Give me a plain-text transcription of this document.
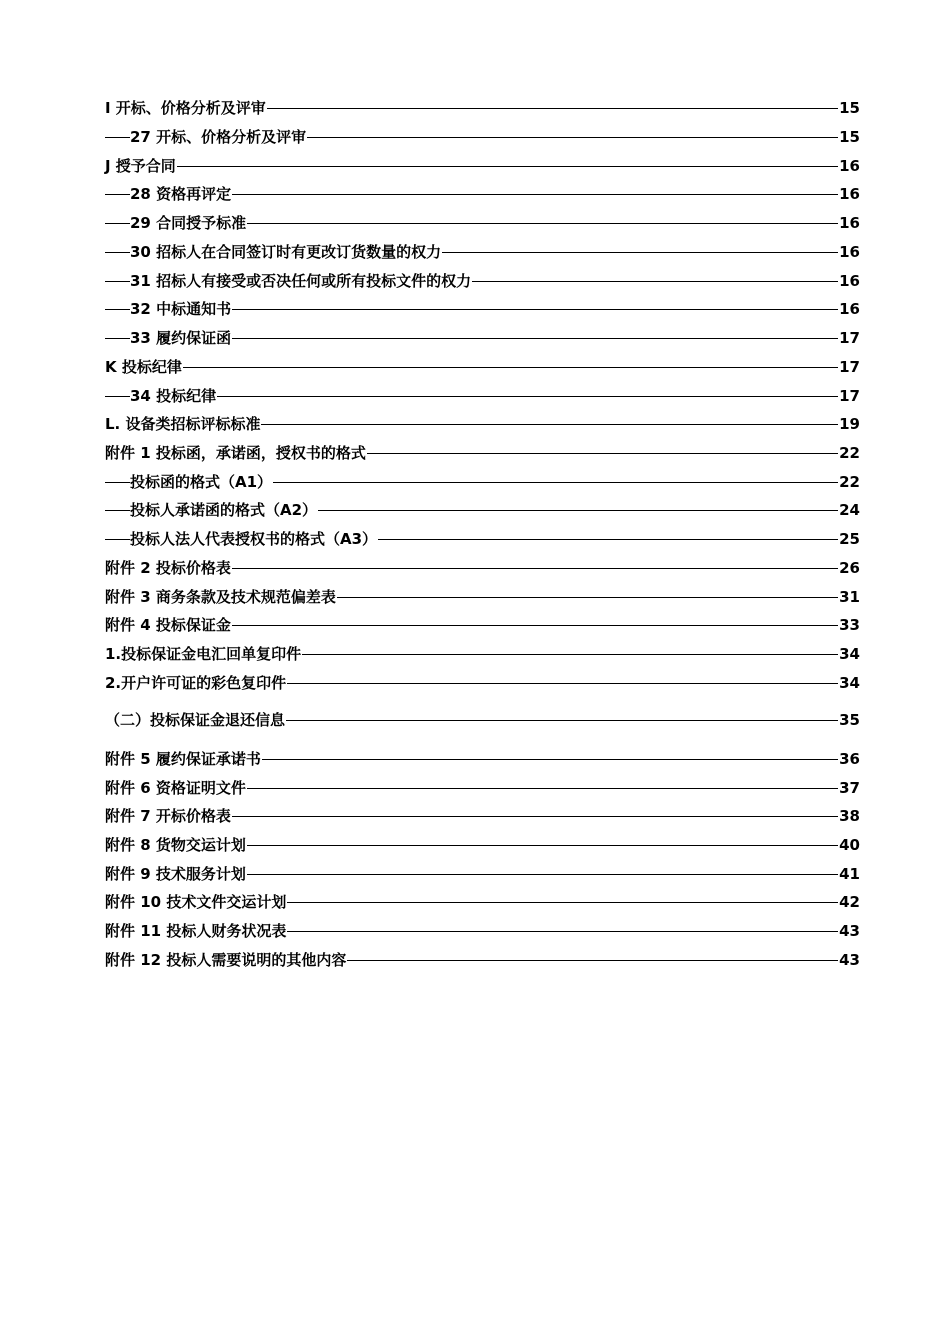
I 开标、价格分析及评审	15
27 开标、价格分析及评审	15
J 授予合同	16
28 资格再评定	16
29 合同授予标准	16
30 招标人在合同签订时有更改订货数量的权力	16
31 招标人有接受或否决任何或所有投标文件的权力	16
32 中标通知书	16
33 履约保证函	17
K 投标纪律	17
34 投标纪律	17
L. 设备类招标评标标准	19
附件 1 投标函，承诺函，授权书的格式	22
投标函的格式（A1）	22
投标人承诺函的格式（A2）	24
投标人法人代表授权书的格式（A3）	25
附件 2 投标价格表	26
附件 3 商务条款及技术规范偏差表	31
附件 4 投标保证金	33
1.投标保证金电汇回单复印件	34
2.开户许可证的彩色复印件	34
（二）投标保证金退还信息	35
附件 5 履约保证承诺书	36
附件 6 资格证明文件	37
附件 7 开标价格表	38
附件 8 货物交运计划	40
附件 9 技术服务计划	41
附件 10 技术文件交运计划	42
附件 11 投标人财务状况表	43
附件 12 投标人需要说明的其他内容	43
